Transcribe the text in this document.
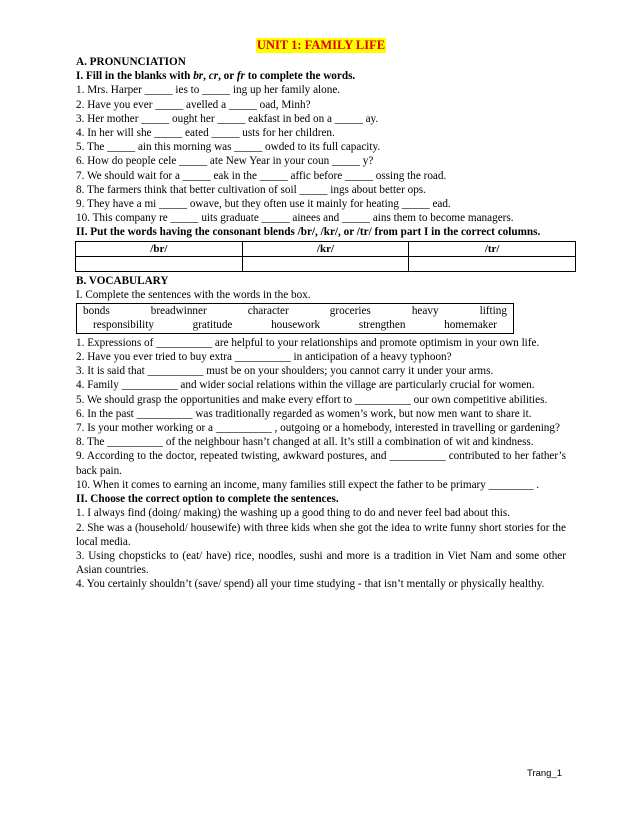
UNIT 1: FAMILY LIFE
A. PRONUNCIATION
I. Fill in the blanks with br, cr, or fr to complete the words.
1. Mrs. Harper _____ ies to _____ ing up her family alone.
2. Have you ever _____ avelled a _____ oad, Minh?
3. Her mother _____ ought her _____ eakfast in bed on a _____ ay.
4. In her will she _____ eated _____ usts for her children.
5. The _____ ain this morning was _____ owded to its full capacity.
6. How do people cele _____ ate New Year in your coun _____ y?
7. We should wait for a _____ eak in the _____ affic before _____ ossing the road.
8. The farmers think that better cultivation of soil _____ ings about better ops.
9. They have a mi _____ owave, but they often use it mainly for heating _____ ead.
10. This company re _____ uits graduate _____ ainees and _____ ains them to become managers.
II. Put the words having the consonant blends /br/, /kr/, or /tr/ from part I in the correct columns.
/br/	/kr/	/tr/

B. VOCABULARY
I. Complete the sentences with the words in the box.
bonds	breadwinner	character	groceries	heavy	lifting
responsibility	gratitude	housework	strengthen	homemaker
1. Expressions of __________ are helpful to your relationships and promote optimism in your own life.
2. Have you ever tried to buy extra __________ in anticipation of a heavy typhoon?
3. It is said that __________ must be on your shoulders; you cannot carry it under your arms.
4. Family __________ and wider social relations within the village are particularly crucial for women.
5. We should grasp the opportunities and make every effort to __________ our own competitive abilities.
6. In the past __________ was traditionally regarded as women’s work, but now men want to share it.
7. Is your mother working or a __________ , outgoing or a homebody, interested in travelling or gardening?
8. The __________ of the neighbour hasn’t changed at all. It’s still a combination of wit and kindness.
9. According to the doctor, repeated twisting, awkward postures, and __________ contributed to her father’s back pain.
10. When it comes to earning an income, many families still expect the father to be primary ________ .
II. Choose the correct option to complete the sentences.
1. I always find (doing/ making) the washing up a good thing to do and never feel bad about this.
2. She was a (household/ housewife) with three kids when she got the idea to write funny short stories for the local media.
3. Using chopsticks to (eat/ have) rice, noodles, sushi and more is a tradition in Viet Nam and some other Asian countries.
4. You certainly shouldn’t (save/ spend) all your time studying - that isn’t mentally or physically healthy.
Trang_1
